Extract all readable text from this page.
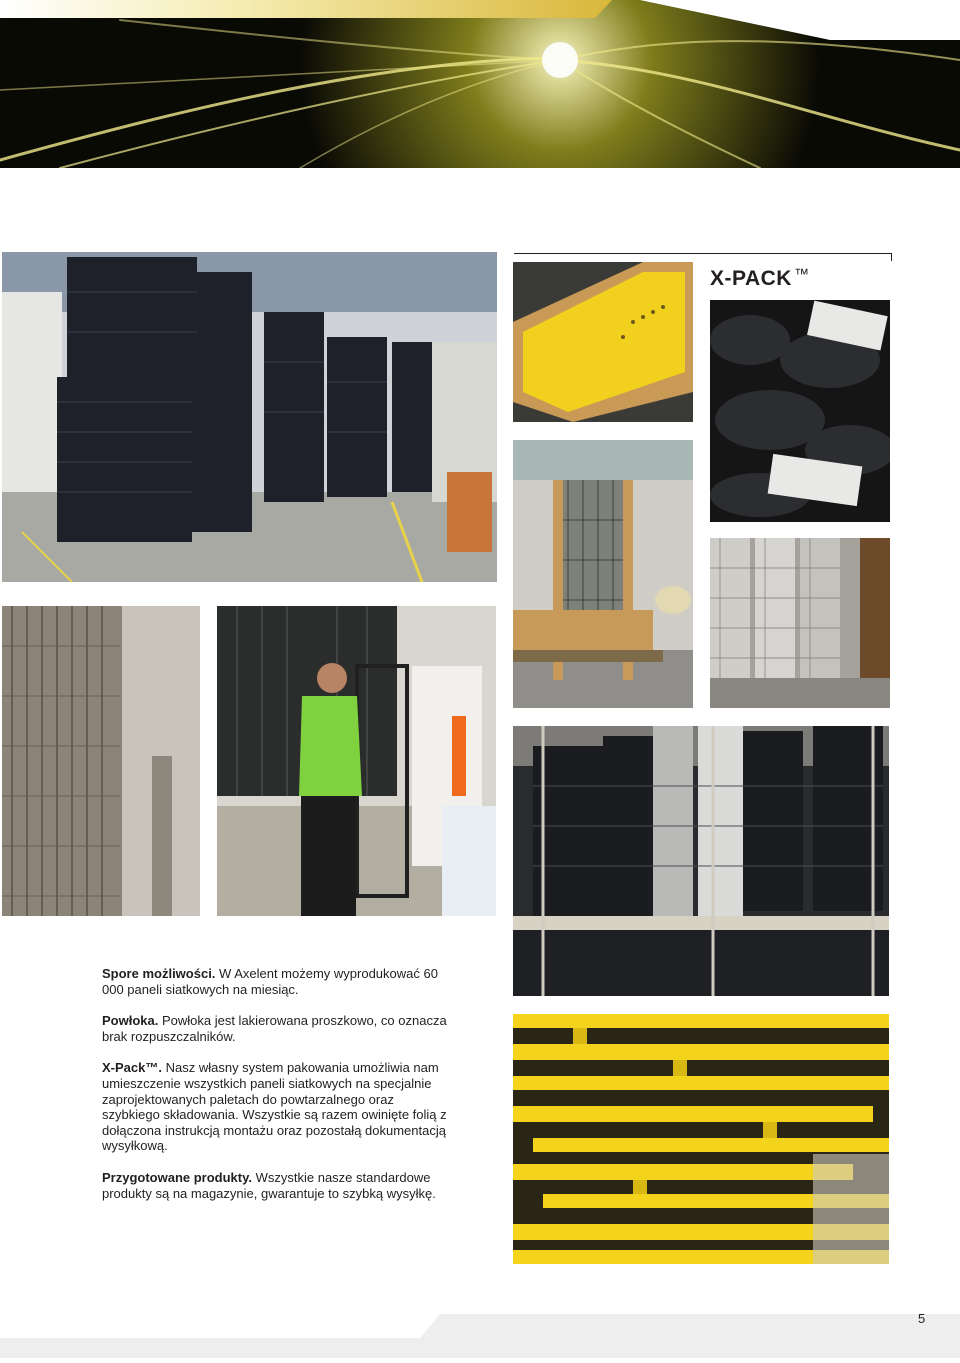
X-PACK ™

Spore możliwości. W Axelent możemy wyprodukować 60 000 paneli siatkowych na miesiąc.

Powłoka. Powłoka jest lakierowana proszkowo, co oznacza brak rozpuszczalników.

X-Pack™. Nasz własny system pakowania umożliwia nam umieszczenie wszystkich paneli siatkowych na specjalnie zaprojektowanych paletach do powtarzalnego oraz szybkiego składowania. Wszystkie są razem owinięte folią z dołączona instrukcją montażu oraz pozostałą dokumentacją wysyłkową.

Przygotowane produkty. Wszystkie nasze standardowe produkty są na magazynie, gwarantuje to szybką wysyłkę.

5
